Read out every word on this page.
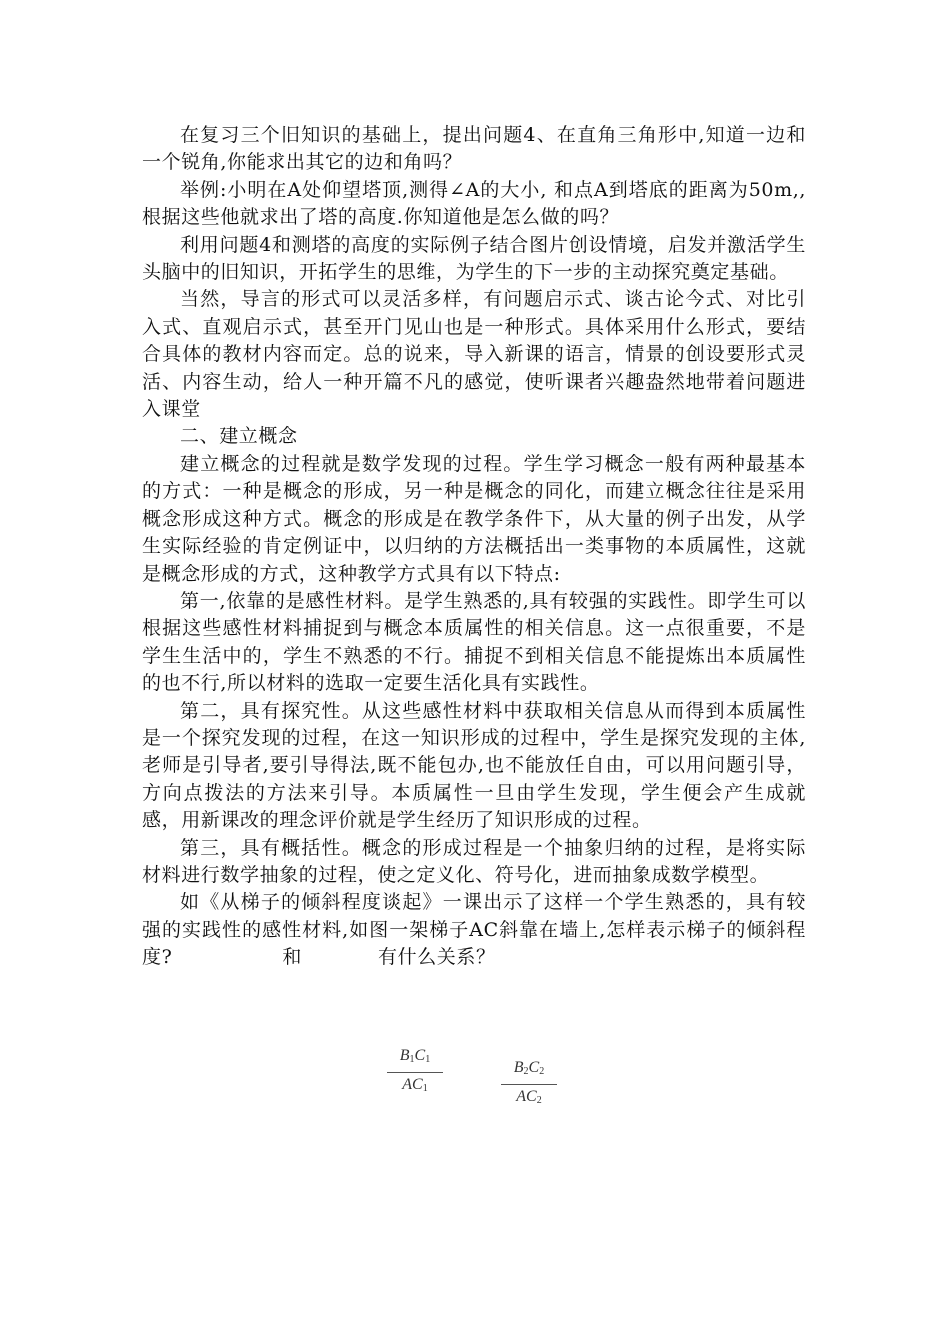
在复习三个旧知识的基础上，提出问题4、在直角三角形中,知道一边和一个锐角,你能求出其它的边和角吗？

举例:小明在A处仰望塔顶,测得∠A的大小, 和点A到塔底的距离为50m,,根据这些他就求出了塔的高度.你知道他是怎么做的吗？

利用问题4和测塔的高度的实际例子结合图片创设情境，启发并激活学生头脑中的旧知识，开拓学生的思维，为学生的下一步的主动探究奠定基础。

当然，导言的形式可以灵活多样，有问题启示式、谈古论今式、对比引入式、直观启示式，甚至开门见山也是一种形式。具体采用什么形式，要结合具体的教材内容而定。总的说来，导入新课的语言，情景的创设要形式灵活、内容生动，给人一种开篇不凡的感觉，使听课者兴趣盎然地带着问题进入课堂

二、建立概念

建立概念的过程就是数学发现的过程。学生学习概念一般有两种最基本的方式：一种是概念的形成，另一种是概念的同化，而建立概念往往是采用概念形成这种方式。概念的形成是在教学条件下，从大量的例子出发，从学生实际经验的肯定例证中，以归纳的方法概括出一类事物的本质属性，这就是概念形成的方式，这种教学方式具有以下特点:

第一,依靠的是感性材料。是学生熟悉的,具有较强的实践性。即学生可以根据这些感性材料捕捉到与概念本质属性的相关信息。这一点很重要，不是学生生活中的，学生不熟悉的不行。捕捉不到相关信息不能提炼出本质属性的也不行,所以材料的选取一定要生活化具有实践性。

第二，具有探究性。从这些感性材料中获取相关信息从而得到本质属性是一个探究发现的过程，在这一知识形成的过程中，学生是探究发现的主体,老师是引导者,要引导得法,既不能包办,也不能放任自由，可以用问题引导，方向点拨法的方法来引导。本质属性一旦由学生发现，学生便会产生成就感，用新课改的理念评价就是学生经历了知识形成的过程。

第三，具有概括性。概念的形成过程是一个抽象归纳的过程，是将实际材料进行数学抽象的过程，使之定义化、符号化，进而抽象成数学模型。

如《从梯子的倾斜程度谈起》一课出示了这样一个学生熟悉的，具有较强的实践性的感性材料,如图一架梯子AC斜靠在墙上,怎样表示梯子的倾斜程度?	和	有什么关系？

$B_1C_1$
$AC_1$
$B_2C_2$
$AC_2$
